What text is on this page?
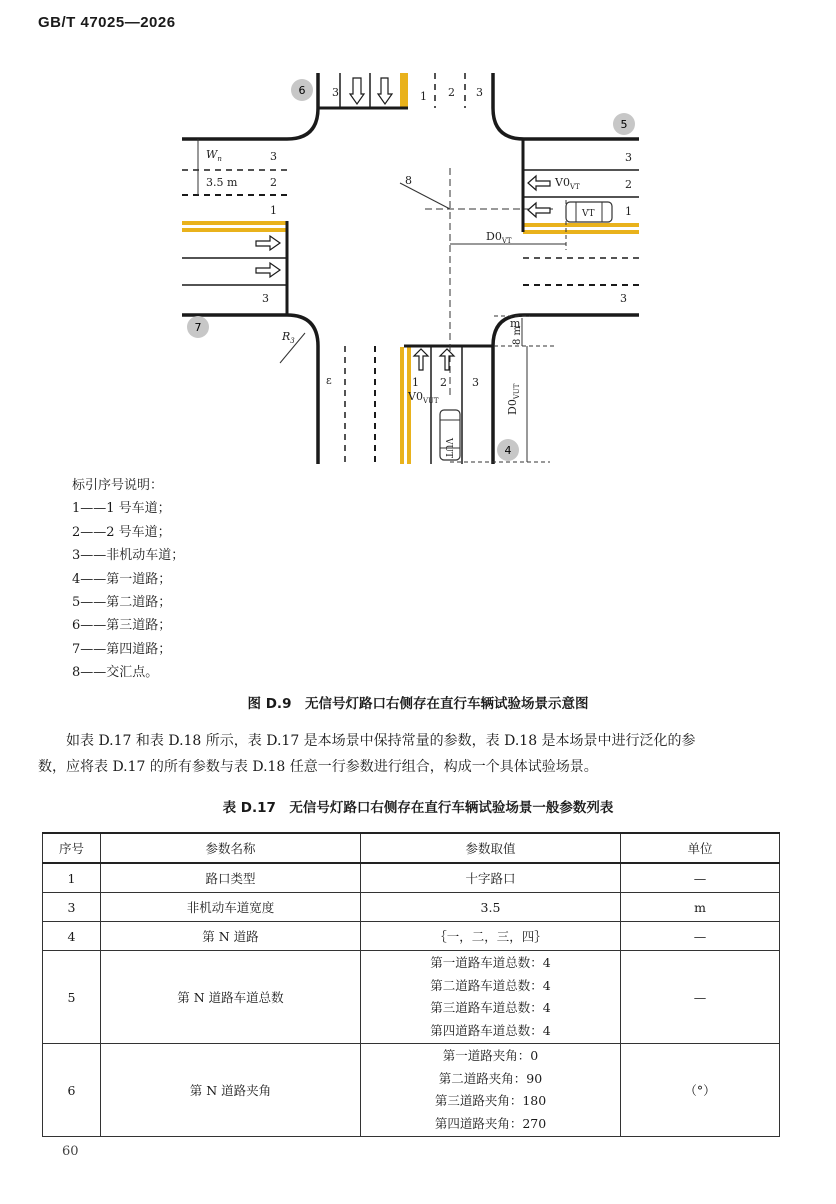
GB/T 47025—2026
6
5
7
4
3	1 2 3
3
2
1
3
3
2
1
3
1 2 3
ε
m
$W_n$
3.5 m
$R_3$
8
$D0_{VT}$
$V0_{VT}$
$V0_{VUT}$
VT
VUT
8 m
$D0_{VUT}$
标引序号说明：
1——1 号车道；
2——2 号车道；
3——非机动车道；
4——第一道路；
5——第二道路；
6——第三道路；
7——第四道路；
8——交汇点。
图 D.9　无信号灯路口右侧存在直行车辆试验场景示意图
如表 D.17 和表 D.18 所示，表 D.17 是本场景中保持常量的参数，表 D.18 是本场景中进行泛化的参
数，应将表 D.17 的所有参数与表 D.18 任意一行参数进行组合，构成一个具体试验场景。
表 D.17　无信号灯路口右侧存在直行车辆试验场景一般参数列表
序号	参数名称	参数取值	单位
1	路口类型	十字路口	—
3	非机动车道宽度	3.5	m
4	第 N 道路	｛一，二，三，四｝	—
5	第 N 道路车道总数	第一道路车道总数：4
第二道路车道总数：4
第三道路车道总数：4
第四道路车道总数：4	—
6	第 N 道路夹角	第一道路夹角：0
第二道路夹角：90
第三道路夹角：180
第四道路夹角：270	（°）
60
